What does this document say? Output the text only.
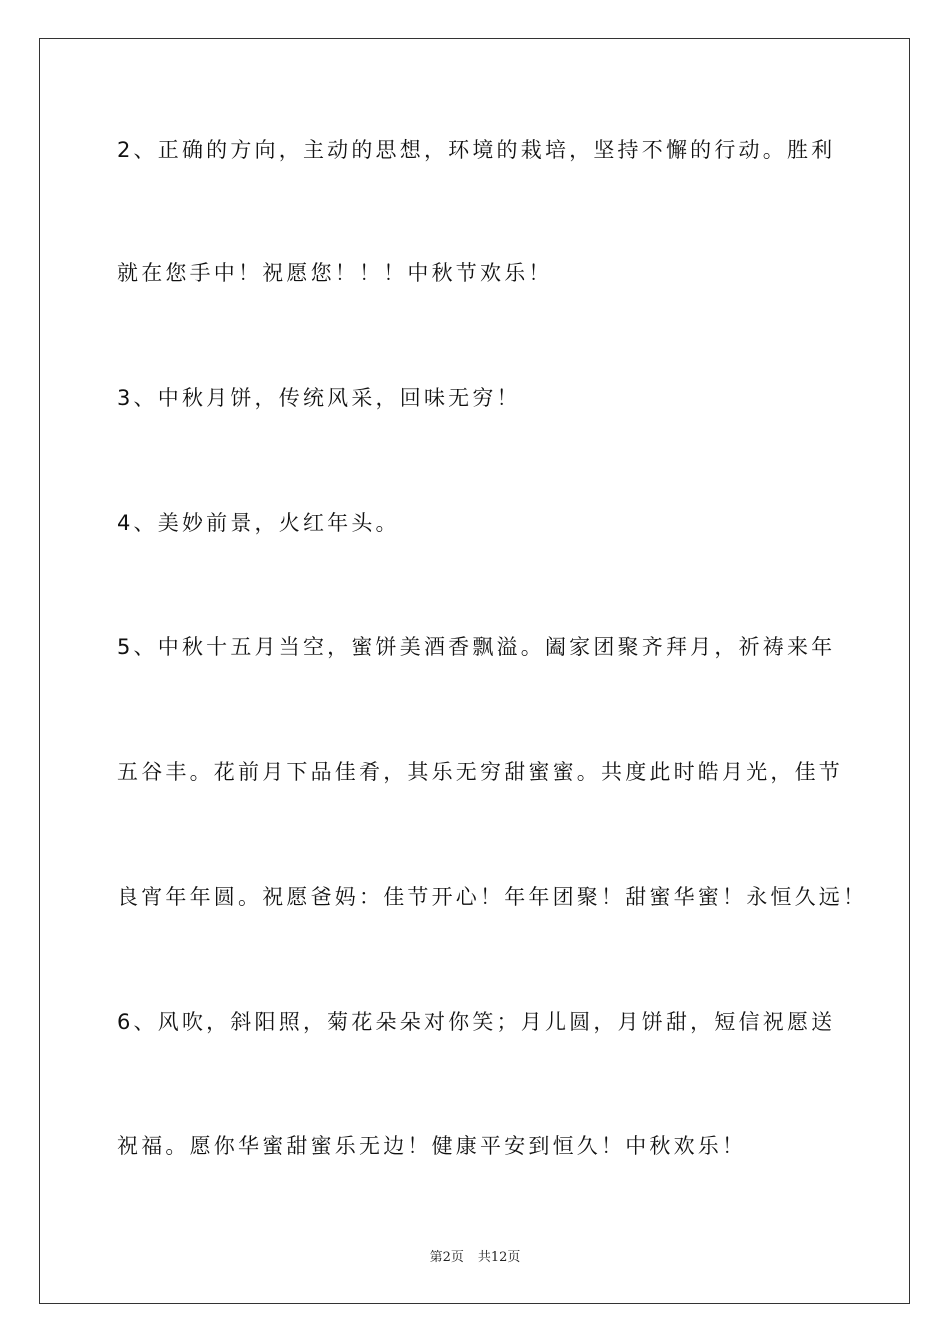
2、正确的方向，主动的思想，环境的栽培，坚持不懈的行动。胜利
就在您手中！祝愿您！！！中秋节欢乐！
3、中秋月饼，传统风采，回味无穷！
4、美妙前景，火红年头。
5、中秋十五月当空，蜜饼美酒香飘溢。阖家团聚齐拜月，祈祷来年
五谷丰。花前月下品佳肴，其乐无穷甜蜜蜜。共度此时皓月光，佳节
良宵年年圆。祝愿爸妈：佳节开心！年年团聚！甜蜜华蜜！永恒久远！
6、风吹，斜阳照，菊花朵朵对你笑；月儿圆，月饼甜，短信祝愿送
祝福。愿你华蜜甜蜜乐无边！健康平安到恒久！中秋欢乐！
第2页 共12页
